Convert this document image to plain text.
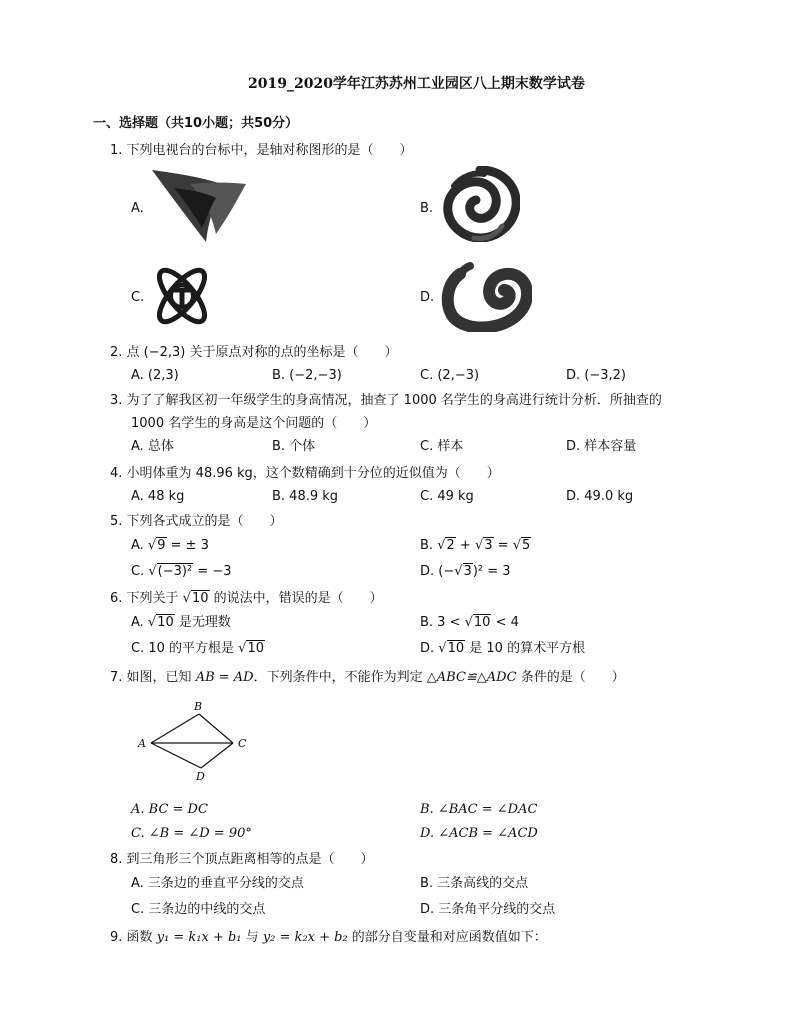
2019_2020学年江苏苏州工业园区八上期末数学试卷
一、选择题（共10小题；共50分）
1. 下列电视台的台标中，是轴对称图形的是（　　）
A.	B.
C.	D.
2. 点 (−2,3) 关于原点对称的点的坐标是（　　）
A. (2,3)	B. (−2,−3)	C. (2,−3)	D. (−3,2)
3. 为了了解我区初一年级学生的身高情况，抽查了 1000 名学生的身高进行统计分析．所抽查的
1000 名学生的身高是这个问题的（　　）
A. 总体	B. 个体	C. 样本	D. 样本容量
4. 小明体重为 48.96 kg，这个数精确到十分位的近似值为（　　）
A. 48 kg	B. 48.9 kg	C. 49 kg	D. 49.0 kg
5. 下列各式成立的是（　　）
A. √9 = ± 3	B. √2 + √3 = √5
C. √(−3)² = −3	D. (−√3)² = 3
6. 下列关于 √10 的说法中，错误的是（　　）
A. √10 是无理数	B. 3 < √10 < 4
C. 10 的平方根是 √10	D. √10 是 10 的算术平方根
7. 如图，已知 AB = AD．下列条件中，不能作为判定 △ABC≌△ADC 条件的是（　　）
A
B
C
D
A. BC = DC	B. ∠BAC = ∠DAC
C. ∠B = ∠D = 90°	D. ∠ACB = ∠ACD
8. 到三角形三个顶点距离相等的点是（　　）
A. 三条边的垂直平分线的交点	B. 三条高线的交点
C. 三条边的中线的交点	D. 三条角平分线的交点
9. 函数 y₁ = k₁x + b₁ 与 y₂ = k₂x + b₂ 的部分自变量和对应函数值如下：
